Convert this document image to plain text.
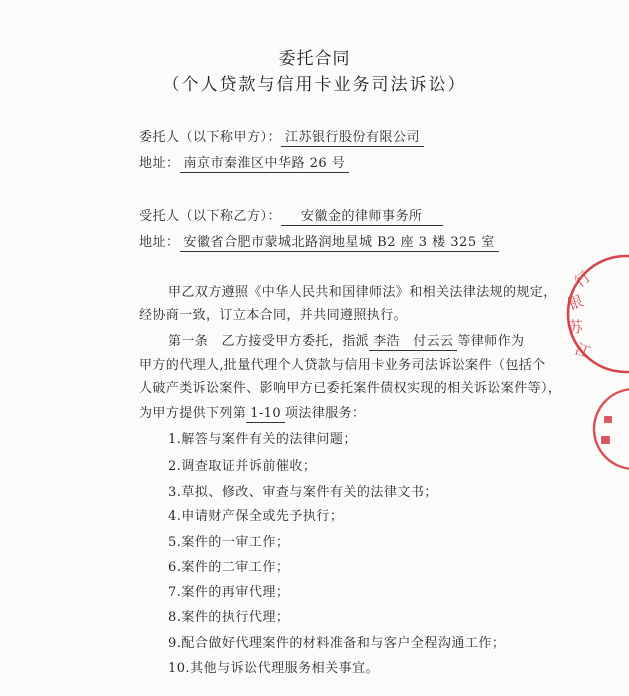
委托合同
（个人贷款与信用卡业务司法诉讼）
委托人（以下称甲方）： 江苏银行股份有限公司
地址： 南京市秦淮区中华路 26 号
受托人（以下称乙方）： 安徽金的律师事务所
地址： 安徽省合肥市蒙城北路润地星城 B2 座 3 楼 325 室
甲乙双方遵照《中华人民共和国律师法》和相关法律法规的规定，
经协商一致，订立本合同，并共同遵照执行。
第一条　乙方接受甲方委托，指派 李浩　付云云 等律师作为
甲方的代理人,批量代理个人贷款与信用卡业务司法诉讼案件（包括个
人破产类诉讼案件、影响甲方已委托案件债权实现的相关诉讼案件等），
为甲方提供下列第 1-10 项法律服务：
1.解答与案件有关的法律问题；
2.调查取证并诉前催收；
3.草拟、修改、审查与案件有关的法律文书；
4.申请财产保全或先予执行；
5.案件的一审工作；
6.案件的二审工作；
7.案件的再审代理；
8.案件的执行代理；
9.配合做好代理案件的材料准备和与客户全程沟通工作；
10.其他与诉讼代理服务相关事宜。
行
银
苏
江
